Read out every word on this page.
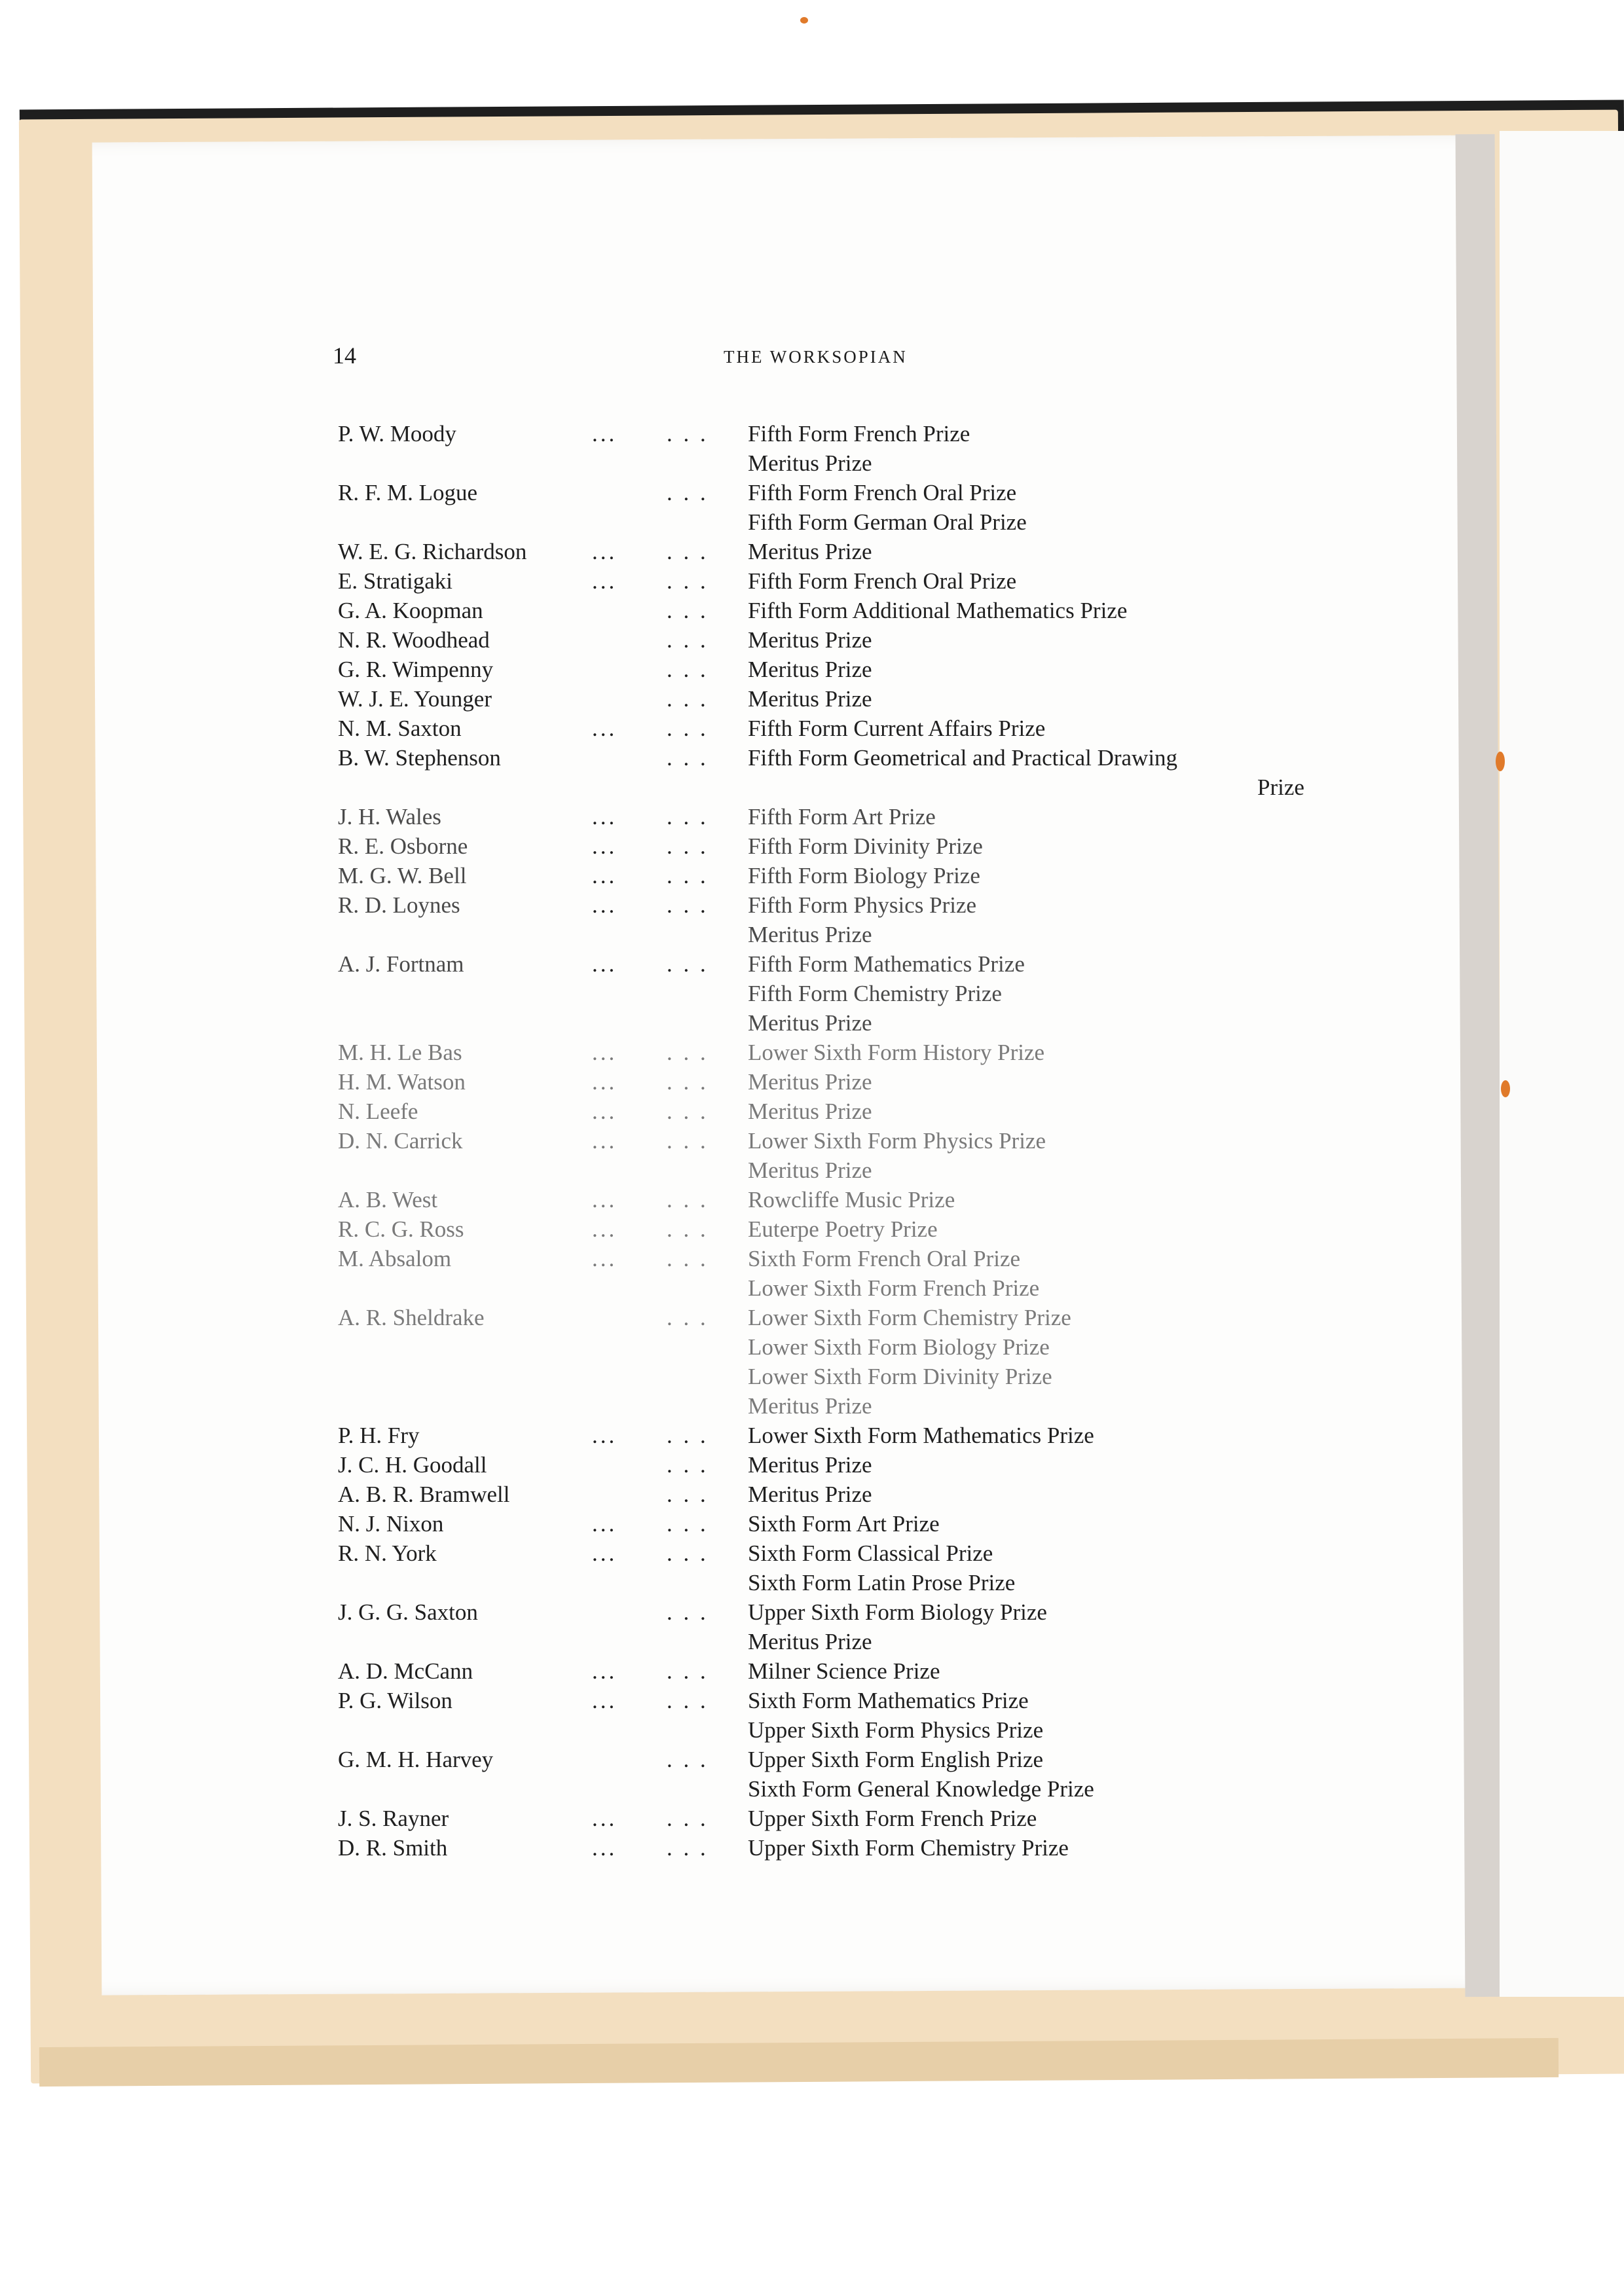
14	THE WORKSOPIAN
P. W. Moody	... . . . Fifth Form French Prize
Meritus Prize
R. F. M. Logue	. . . Fifth Form French Oral Prize
Fifth Form German Oral Prize
W. E. G. Richardson	... . . . Meritus Prize
E. Stratigaki	... . . . Fifth Form French Oral Prize
G. A. Koopman	. . . Fifth Form Additional Mathematics Prize
N. R. Woodhead	. . . Meritus Prize
G. R. Wimpenny	. . . Meritus Prize
W. J. E. Younger	. . . Meritus Prize
N. M. Saxton	... . . . Fifth Form Current Affairs Prize
B. W. Stephenson	. . . Fifth Form Geometrical and Practical Drawing
Prize
J. H. Wales	... . . . Fifth Form Art Prize
R. E. Osborne	... . . . Fifth Form Divinity Prize
M. G. W. Bell	... . . . Fifth Form Biology Prize
R. D. Loynes	... . . . Fifth Form Physics Prize
Meritus Prize
A. J. Fortnam	... . . . Fifth Form Mathematics Prize
Fifth Form Chemistry Prize
Meritus Prize
M. H. Le Bas	... . . . Lower Sixth Form History Prize
H. M. Watson	... . . . Meritus Prize
N. Leefe	... . . . Meritus Prize
D. N. Carrick	... . . . Lower Sixth Form Physics Prize
Meritus Prize
A. B. West	... . . . Rowcliffe Music Prize
R. C. G. Ross	... . . . Euterpe Poetry Prize
M. Absalom	... . . . Sixth Form French Oral Prize
Lower Sixth Form French Prize
A. R. Sheldrake	. . . Lower Sixth Form Chemistry Prize
Lower Sixth Form Biology Prize
Lower Sixth Form Divinity Prize
Meritus Prize
P. H. Fry	... . . . Lower Sixth Form Mathematics Prize
J. C. H. Goodall	. . . Meritus Prize
A. B. R. Bramwell	. . . Meritus Prize
N. J. Nixon	... . . . Sixth Form Art Prize
R. N. York	... . . . Sixth Form Classical Prize
Sixth Form Latin Prose Prize
J. G. G. Saxton	. . . Upper Sixth Form Biology Prize
Meritus Prize
A. D. McCann	... . . . Milner Science Prize
P. G. Wilson	... . . . Sixth Form Mathematics Prize
Upper Sixth Form Physics Prize
G. M. H. Harvey	. . . Upper Sixth Form English Prize
Sixth Form General Knowledge Prize
J. S. Rayner	... . . . Upper Sixth Form French Prize
D. R. Smith	... . . . Upper Sixth Form Chemistry Prize
